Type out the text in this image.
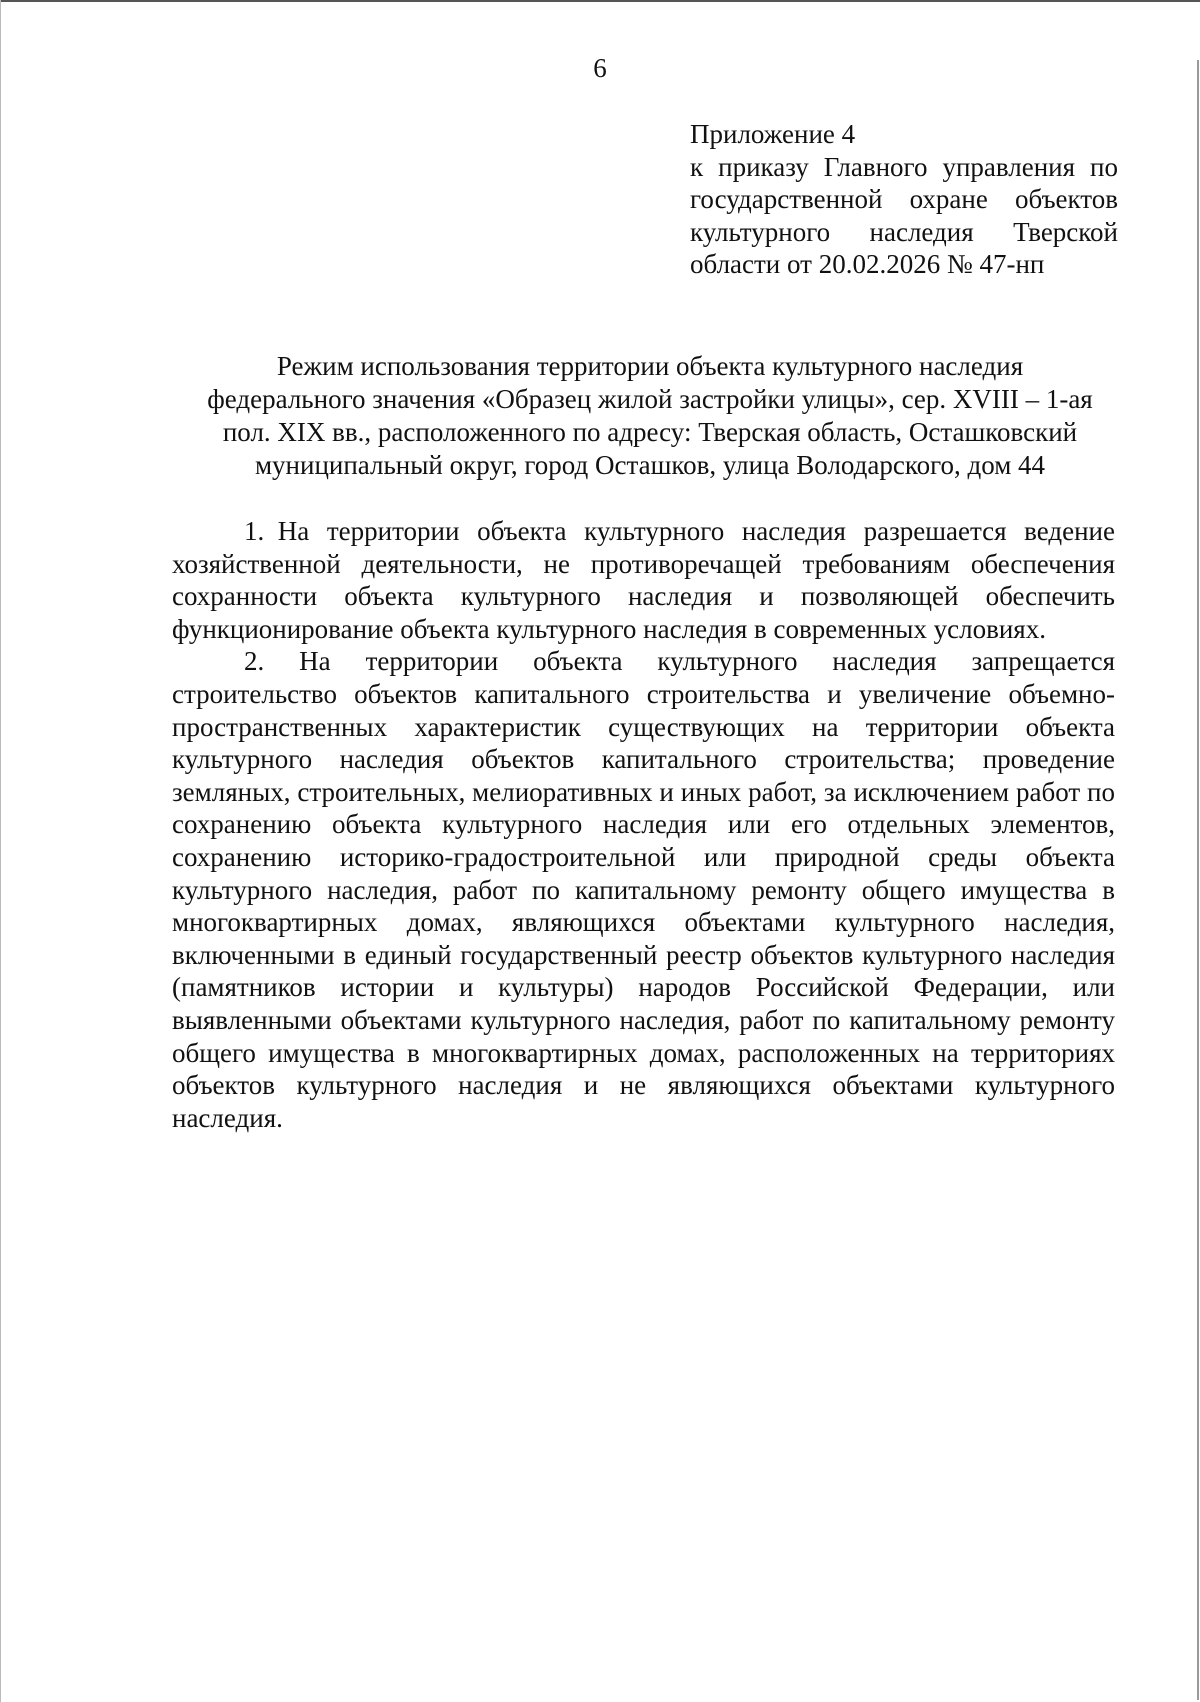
6
Приложение 4
к приказу Главного управления по государственной охране объектов культурного наследия Тверской области от 20.02.2026 № 47-нп
Режим использования территории объекта культурного наследия
федерального значения «Образец жилой застройки улицы», сер. XVIII – 1-ая
пол. XIX вв., расположенного по адресу: Тверская область, Осташковский
муниципальный округ, город Осташков, улица Володарского, дом 44

1. На территории объекта культурного наследия разрешается ведение хозяйственной деятельности, не противоречащей требованиям обеспечения сохранности объекта культурного наследия и позволяющей обеспечить функционирование объекта культурного наследия в современных условиях.

2. На территории объекта культурного наследия запрещается строительство объектов капитального строительства и увеличение объемно-пространственных характеристик существующих на территории объекта культурного наследия объектов капитального строительства; проведение земляных, строительных, мелиоративных и иных работ, за исключением работ по сохранению объекта культурного наследия или его отдельных элементов, сохранению историко-градостроительной или природной среды объекта культурного наследия, работ по капитальному ремонту общего имущества в многоквартирных домах, являющихся объектами культурного наследия, включенными в единый государственный реестр объектов культурного наследия (памятников истории и культуры) народов Российской Федерации, или выявленными объектами культурного наследия, работ по капитальному ремонту общего имущества в многоквартирных домах, расположенных на территориях объектов культурного наследия и не являющихся объектами культурного наследия.
